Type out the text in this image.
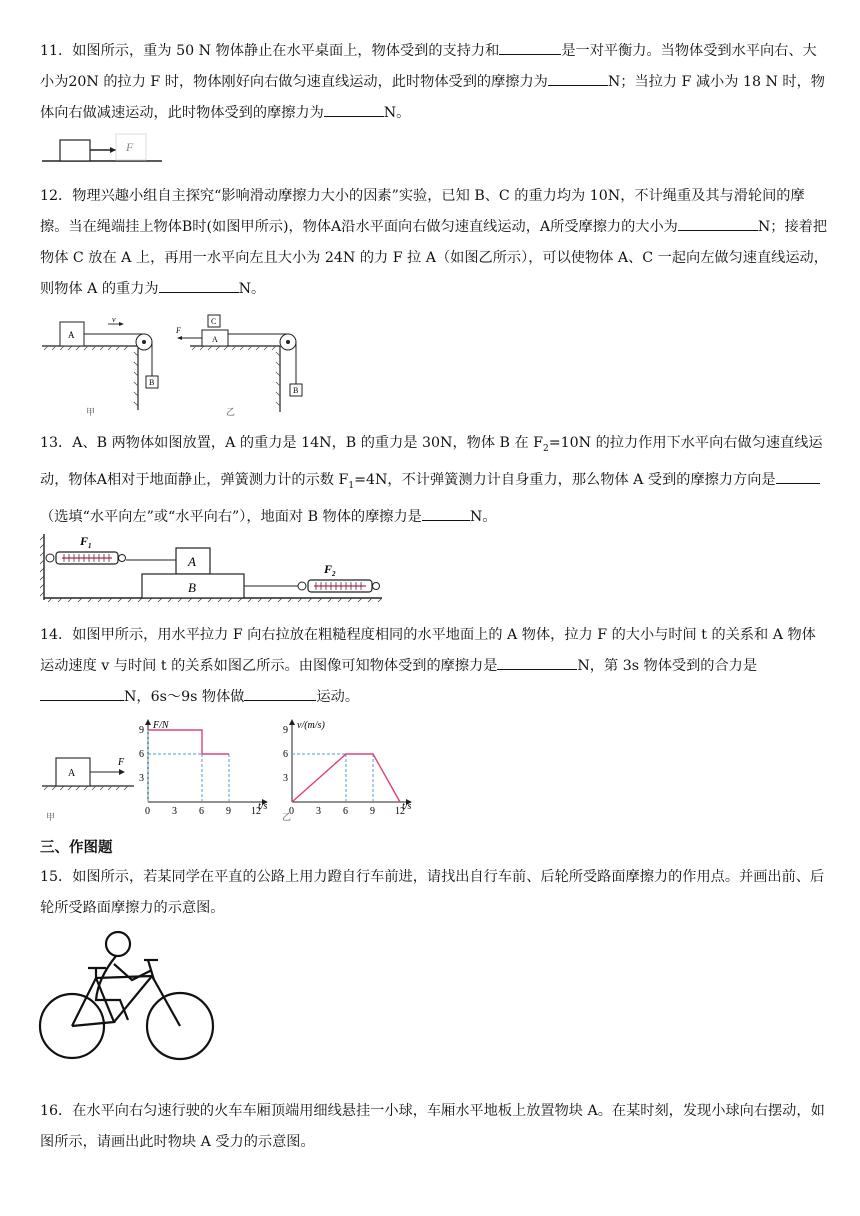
11．如图所示，重为 50 N 物体静止在水平桌面上，物体受到的支持力和	是一对平衡力。当物体受到水平向右、大小为20N 的拉力 F 时，物体刚好向右做匀速直线运动，此时物体受到的摩擦力为	N；当拉力 F 减小为 18 N 时，物体向右做减速运动，此时物体受到的摩擦力为	N。
F
12．物理兴趣小组自主探究“影响滑动摩擦力大小的因素”实验，已知 B、C 的重力均为 10N，不计绳重及其与滑轮间的摩擦。当在绳端挂上物体B时(如图甲所示)，物体A沿水平面向右做匀速直线运动，A所受摩擦力的大小为	N；接着把物体 C 放在 A 上，再用一水平向左且大小为 24N 的力 F 拉 A（如图乙所示），可以使物体 A、C 一起向左做匀速直线运动，则物体 A 的重力为	N。
A
v
B
甲
A
C
F
B
乙
13．A、B 两物体如图放置，A 的重力是 14N，B 的重力是 30N，物体 B 在 $F_2=10N$ 的拉力作用下水平向右做匀速直线运动，物体A相对于地面静止，弹簧测力计的示数 $F_1=4N$，不计弹簧测力计自身重力，那么物体 A 受到的摩擦力方向是（选填“水平向左”或“水平向右”），地面对 B 物体的摩擦力是	N。
$F_1$
A
B
$F_2$
14．如图甲所示，用水平拉力 F 向右拉放在粗糙程度相同的水平地面上的 A 物体，拉力 F 的大小与时间 t 的关系和 A 物体运动速度 v 与时间 t 的关系如图乙所示。由图像可知物体受到的摩擦力是	N，第 3s 物体受到的合力是N，6s～9s 物体做	运动。
A
F
甲	乙
F/N
t/s
0 3 6 9 12
3
6
9	v/(m/s)
t/s
0 3 6 9 12
3
6
9
三、作图题
15．如图所示，若某同学在平直的公路上用力蹬自行车前进，请找出自行车前、后轮所受路面摩擦力的作用点。并画出前、后轮所受路面摩擦力的示意图。
16．在水平向右匀速行驶的火车车厢顶端用细线悬挂一小球，车厢水平地板上放置物块 A。在某时刻，发现小球向右摆动，如图所示，请画出此时物块 A 受力的示意图。
